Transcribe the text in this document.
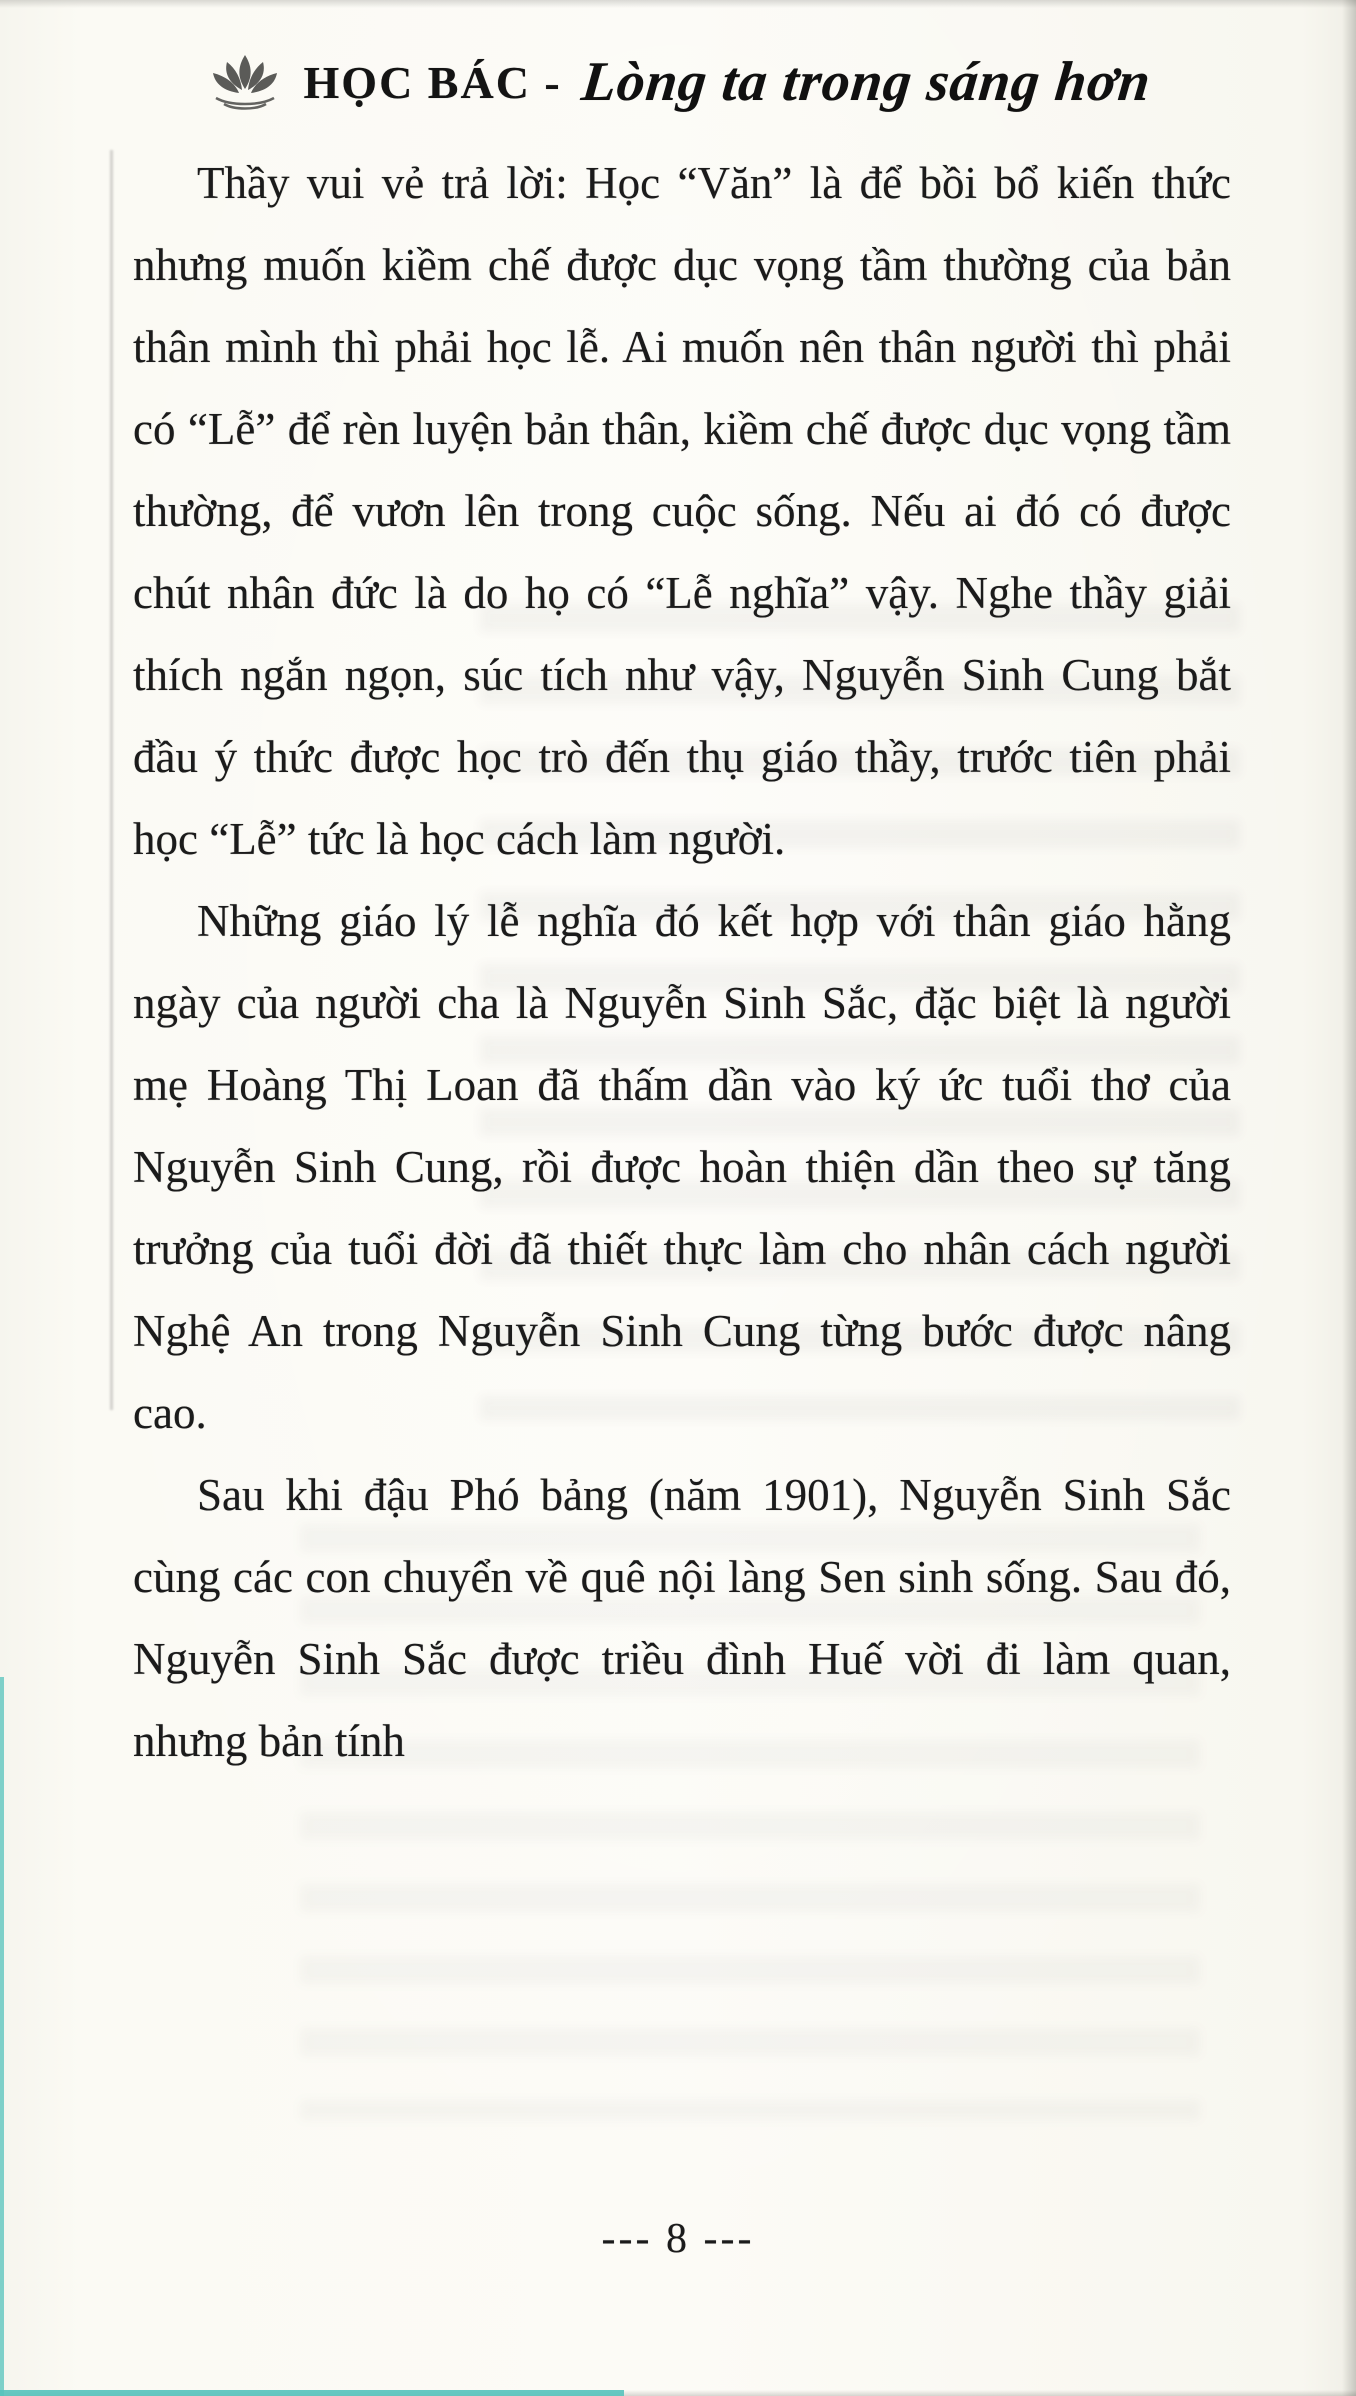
HỌC BÁC - Lòng ta trong sáng hơn

Thầy vui vẻ trả lời: Học “Văn” là để bồi bổ kiến thức nhưng muốn kiềm chế được dục vọng tầm thường của bản thân mình thì phải học lễ. Ai muốn nên thân người thì phải có “Lễ” để rèn luyện bản thân, kiềm chế được dục vọng tầm thường, để vươn lên trong cuộc sống. Nếu ai đó có được chút nhân đức là do họ có “Lễ nghĩa” vậy. Nghe thầy giải thích ngắn ngọn, súc tích như vậy, Nguyễn Sinh Cung bắt đầu ý thức được học trò đến thụ giáo thầy, trước tiên phải học “Lễ” tức là học cách làm người.

Những giáo lý lễ nghĩa đó kết hợp với thân giáo hằng ngày của người cha là Nguyễn Sinh Sắc, đặc biệt là người mẹ Hoàng Thị Loan đã thấm dần vào ký ức tuổi thơ của Nguyễn Sinh Cung, rồi được hoàn thiện dần theo sự tăng trưởng của tuổi đời đã thiết thực làm cho nhân cách người Nghệ An trong Nguyễn Sinh Cung từng bước được nâng cao.

Sau khi đậu Phó bảng (năm 1901), Nguyễn Sinh Sắc cùng các con chuyển về quê nội làng Sen sinh sống. Sau đó, Nguyễn Sinh Sắc được triều đình Huế vời đi làm quan, nhưng bản tính

--- 8 ---
